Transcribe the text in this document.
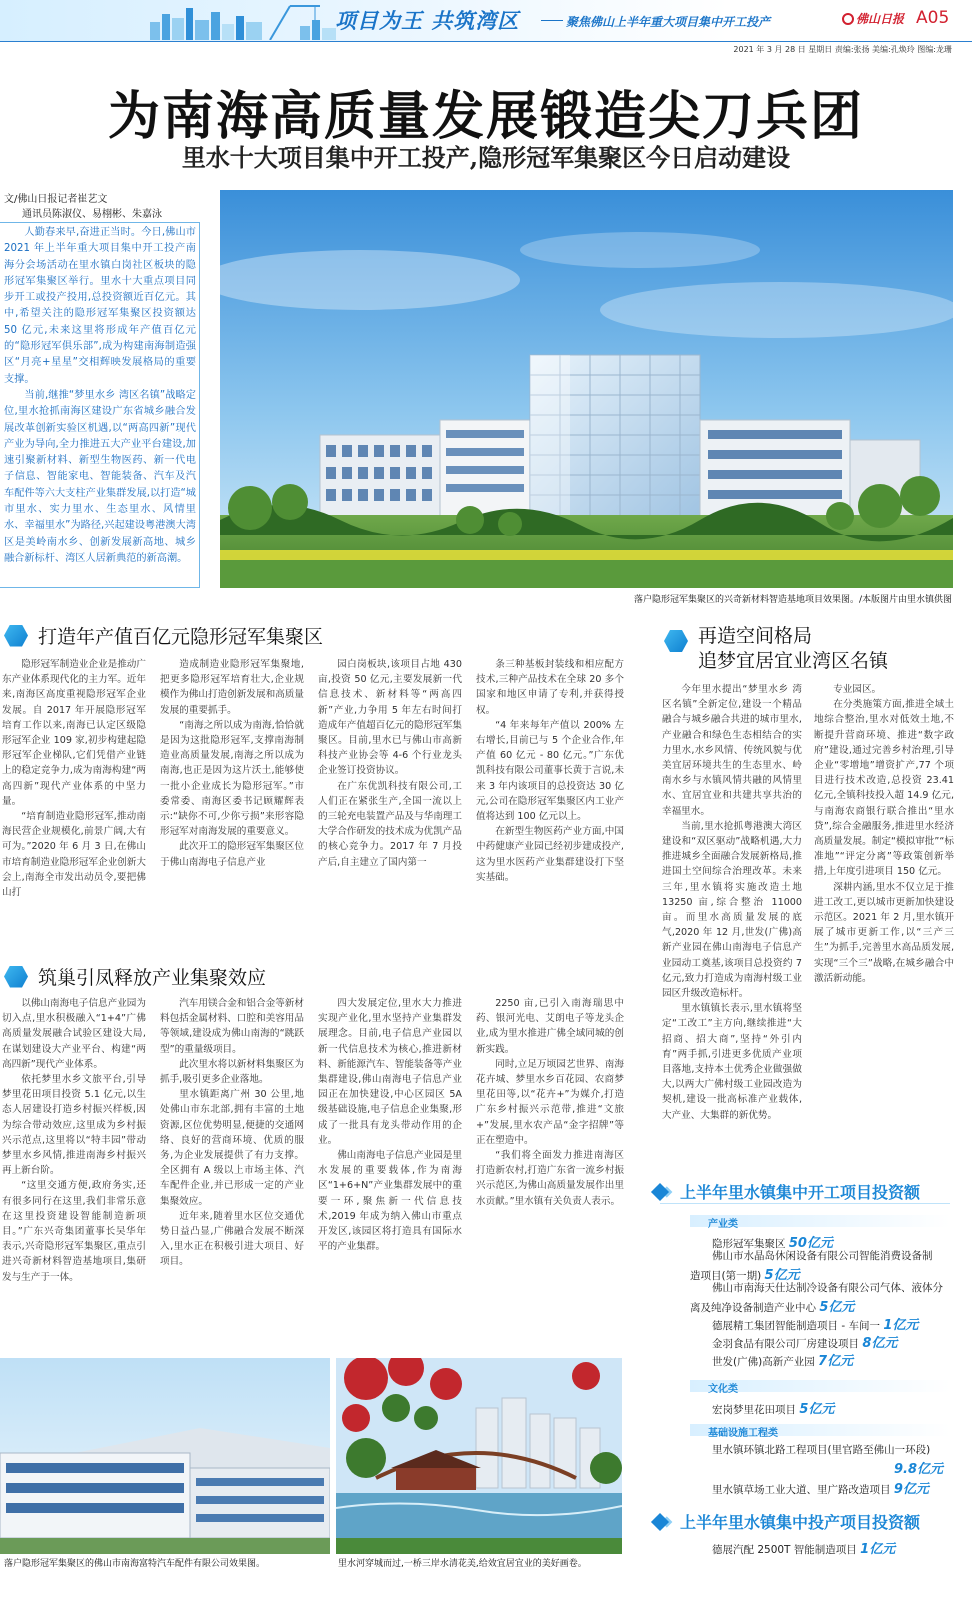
项目为王 共筑湾区	聚焦佛山上半年重大项目集中开工投产	佛山日报 A05
2021 年 3 月 28 日 星期日 责编:张扬 美编:孔焕玲 图编:龙珊
为南海高质量发展锻造尖刀兵团
里水十大项目集中开工投产,隐形冠军集聚区今日启动建设
文/佛山日报记者崔艺文
通讯员陈淑仪、易栩彬、朱嘉泳

人勤春来早,奋进正当时。今日,佛山市 2021 年上半年重大项目集中开工投产南海分会场活动在里水镇白岗社区板块的隐形冠军集聚区举行。里水十大重点项目同步开工或投产投用,总投资额近百亿元。其中,希望关注的隐形冠军集聚区投资额达 50 亿元,未来这里将形成年产值百亿元的“隐形冠军俱乐部”,成为构建南海制造强区“月亮+星星”交相辉映发展格局的重要支撑。

当前,继推“梦里水乡 湾区名镇”战略定位,里水抢抓南海区建设广东省城乡融合发展改革创新实验区机遇,以“两高四新”现代产业为导向,全力推进五大产业平台建设,加速引聚新材料、新型生物医药、新一代电子信息、智能家电、智能装备、汽车及汽车配件等六大支柱产业集群发展,以打造“城市里水、实力里水、生态里水、风情里水、幸福里水”为路径,兴起建设粤港澳大湾区是美岭南水乡、创新发展新高地、城乡融合新标杆、湾区人居新典范的新高潮。

落户隐形冠军集聚区的兴奇新材料智造基地项目效果图。/本版图片由里水镇供图
打造年产值百亿元隐形冠军集聚区

隐形冠军制造业企业是推动广东产业体系现代化的主力军。近年来,南海区高度重视隐形冠军企业发展。自 2017 年开展隐形冠军培育工作以来,南海已认定区级隐形冠军企业 109 家,初步构建起隐形冠军企业梯队,它们凭借产业链上的稳定竞争力,成为南海构建“两高四新”现代产业体系的中坚力量。

“培育制造业隐形冠军,推动南海民营企业规模化,前景广阔,大有可为。”2020 年 6 月 3 日,在佛山市培育制造业隐形冠军企业创新大会上,南海全市发出动员令,要把佛山打

造成制造业隐形冠军集聚地,把更多隐形冠军培育壮大,企业规模作为佛山打造创新发展和高质量发展的重要抓手。

“南海之所以成为南海,恰恰就是因为这批隐形冠军,支撑南海制造业高质量发展,南海之所以成为南海,也正是因为这片沃土,能够使一批小企业成长为隐形冠军。”市委常委、南海区委书记顾耀辉表示:“缺你不可,少你亏损”来形容隐形冠军对南海发展的重要意义。

此次开工的隐形冠军集聚区位于佛山南海电子信息产业

园白岗板块,该项目占地 430 亩,投资 50 亿元,主要发展新一代信息技术、新材料等“两高四新”产业,力争用 5 年左右时间打造成年产值超百亿元的隐形冠军集聚区。目前,里水已与佛山市高新科技产业协会等 4-6 个行业龙头企业签订投资协议。

在广东优凯科技有限公司,工人们正在紧张生产,全国一流以上的三轮充电装置产品及与华南理工大学合作研发的技术成为优凯产品的核心竞争力。2017 年 7 月投产后,自主建立了国内第一

条三种基板封装线和相应配方技术,三种产品技术在全球 20 多个国家和地区申请了专利,并获得授权。

“4 年来每年产值以 200% 左右增长,目前已与 5 个企业合作,年产值 60 亿元 - 80 亿元。”广东优凯科技有限公司董事长黄于言说,未来 3 年内该项目的总投资达 30 亿元,公司在隐形冠军集聚区内工业产值将达到 100 亿元以上。

在新型生物医药产业方面,中国中药健康产业园已经初步建成投产,这为里水医药产业集群建设打下坚实基础。

筑巢引凤释放产业集聚效应

以佛山南海电子信息产业园为切入点,里水积极融入“1+4”广佛高质量发展融合试验区建设大局,在谋划建设大产业平台、构建“两高四新”现代产业体系。

依托梦里水乡文旅平台,引导梦里花田项目投资 5.1 亿元,以生态人居建设打造乡村振兴样板,因为综合带动效应,这里成为乡村振兴示范点,这里将以“特丰园”带动梦里水乡风情,推进南海乡村振兴再上新台阶。

“这里交通方便,政府务实,还有很多同行在这里,我们非常乐意在这里投资建设智能制造新项目。”广东兴奇集团董事长吴华年表示,兴奇隐形冠军集聚区,重点引进兴奇新材料智造基地项目,集研发与生产于一体。

汽车用镁合金和铝合金等新材料包括金属材料、口腔和美容用品等领域,建设成为佛山南海的“跳跃型”的重量级项目。

此次里水将以新材料集聚区为抓手,吸引更多企业落地。

里水镇距离广州 30 公里,地处佛山市东北部,拥有丰富的土地资源,区位优势明显,便捷的交通网络、良好的营商环境、优质的服务,为企业发展提供了有力支撑。全区拥有 A 级以上市场主体、汽车配件企业,并已形成一定的产业集聚效应。

近年来,随着里水区位交通优势日益凸显,广佛融合发展不断深入,里水正在积极引进大项目、好项目。

四大发展定位,里水大力推进实现产业化,里水坚持产业集群发展理念。目前,电子信息产业园以新一代信息技术为核心,推进新材料、新能源汽车、智能装备等产业集群建设,佛山南海电子信息产业园正在加快建设,中心区园区 5A 级基础设施,电子信息企业集聚,形成了一批具有龙头带动作用的企业。

佛山南海电子信息产业园是里水发展的重要载体,作为南海区“1+6+N”产业集群发展中的重要一环,聚焦新一代信息技术,2019 年成为纳入佛山市重点开发区,该园区将打造具有国际水平的产业集群。

2250 亩,已引入南海瑞思中药、银河光电、艾朗电子等龙头企业,成为里水推进广佛全域同城的创新实践。

同时,立足万顷园艺世界、南海花卉城、梦里水乡百花园、农商梦里花田等,以“花卉+”为媒介,打造广东乡村振兴示范带,推进“文旅+”发展,里水农产品“金字招牌”等正在塑造中。

“我们将全面发力推进南海区打造新农村,打造广东省一流乡村振兴示范区,为佛山高质量发展作出里水贡献。”里水镇有关负责人表示。

再造空间格局
追梦宜居宜业湾区名镇

今年里水提出“梦里水乡 湾区名镇”全新定位,建设一个精品融合与城乡融合共进的城市里水,产业融合和绿色生态相结合的实力里水,水乡风情、传统风貌与优美宜居环境共生的生态里水、岭南水乡与水镇风情共融的风情里水、宜居宜业和共建共享共治的幸福里水。

当前,里水抢抓粤港澳大湾区建设和“双区驱动”战略机遇,大力推进城乡全面融合发展新格局,推进国土空间综合治理改革。未来三年,里水镇将实施改造土地 13250 亩,综合整治 11000 亩。而里水高质量发展的底气,2020 年 12 月,世发(广佛)高新产业园在佛山南海电子信息产业园动工奠基,该项目总投资约 7 亿元,致力打造成为南海村级工业园区升级改造标杆。

里水镇镇长表示,里水镇将坚定“工改工”主方向,继续推进“大招商、招大商”,坚持“外引内育”两手抓,引进更多优质产业项目落地,支持本土优秀企业做强做大,以两大广佛村级工业园改造为契机,建设一批高标准产业载体,大产业、大集群的新优势。

专业园区。

在分类施策方面,推进全域土地综合整治,里水对低效土地,不断提升营商环境、推进“数字政府”建设,通过完善乡村治理,引导企业“零增地”增资扩产,77 个项目进行技术改造,总投资 23.41 亿元,全镇科技投入超 14.9 亿元,与南海农商银行联合推出“里水贷”,综合金融服务,推进里水经济高质量发展。制定“模拟审批”“标准地”“评定分离”等政策创新举措,上年度引进项目 150 亿元。

深耕内涵,里水不仅立足于推进工改工,更以城市更新加快建设示范区。2021 年 2 月,里水镇开展了城市更新工作,以“三产三生”为抓手,完善里水高品质发展,实现“三个三”战略,在城乡融合中激活新动能。

上半年里水镇集中开工项目投资额
产业类
隐形冠军集聚区 50亿元
佛山市水晶岛休闲设备有限公司智能消费设备制
造项目(第一期) 5亿元
佛山市南海天仕达制冷设备有限公司气体、液体分
离及纯净设备制造产业中心 5亿元
德展精工集团智能制造项目 - 车间一 1亿元
金羽食品有限公司厂房建设项目 8亿元
世发(广佛)高新产业园 7亿元
文化类
宏岗梦里花田项目 5亿元
基础设施工程类
里水镇环镇北路工程项目(里官路至佛山一环段)
9.8亿元
里水镇草场工业大道、里广路改造项目 9亿元
上半年里水镇集中投产项目投资额
德展汽配 2500T 智能制造项目 1亿元
落户隐形冠军集聚区的佛山市南海富特汽车配件有限公司效果图。	里水河穿城而过,一桥三岸水清花美,给效宜居宜业的美好画卷。
